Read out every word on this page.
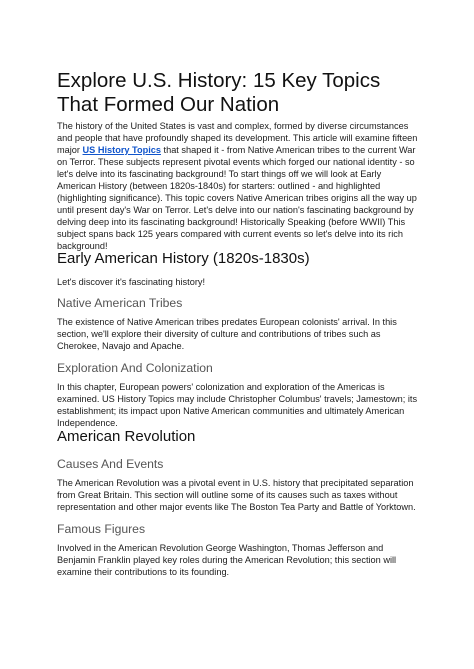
Explore U.S. History: 15 Key Topics That Formed Our Nation

The history of the United States is vast and complex, formed by diverse circumstances and people that have profoundly shaped its development. This article will examine fifteen major US History Topics that shaped it - from Native American tribes to the current War on Terror. These subjects represent pivotal events which forged our national identity - so let's delve into its fascinating background! To start things off we will look at Early American History (between 1820s-1840s) for starters: outlined - and highlighted (highlighting significance). This topic covers Native American tribes origins all the way up until present day's War on Terror. Let's delve into our nation's fascinating background by delving deep into its fascinating background! Historically Speaking (before WWII) This subject spans back 125 years compared with current events so let's delve into its rich background!

Early American History (1820s-1830s)

Let's discover it's fascinating history!

Native American Tribes

The existence of Native American tribes predates European colonists' arrival. In this section, we'll explore their diversity of culture and contributions of tribes such as Cherokee, Navajo and Apache.

Exploration And Colonization

In this chapter, European powers' colonization and exploration of the Americas is examined. US History Topics may include Christopher Columbus' travels; Jamestown; its establishment; its impact upon Native American communities and ultimately American Independence.

American Revolution
Causes And Events

The American Revolution was a pivotal event in U.S. history that precipitated separation from Great Britain. This section will outline some of its causes such as taxes without representation and other major events like The Boston Tea Party and Battle of Yorktown.

Famous Figures

Involved in the American Revolution George Washington, Thomas Jefferson and Benjamin Franklin played key roles during the American Revolution; this section will examine their contributions to its founding.
